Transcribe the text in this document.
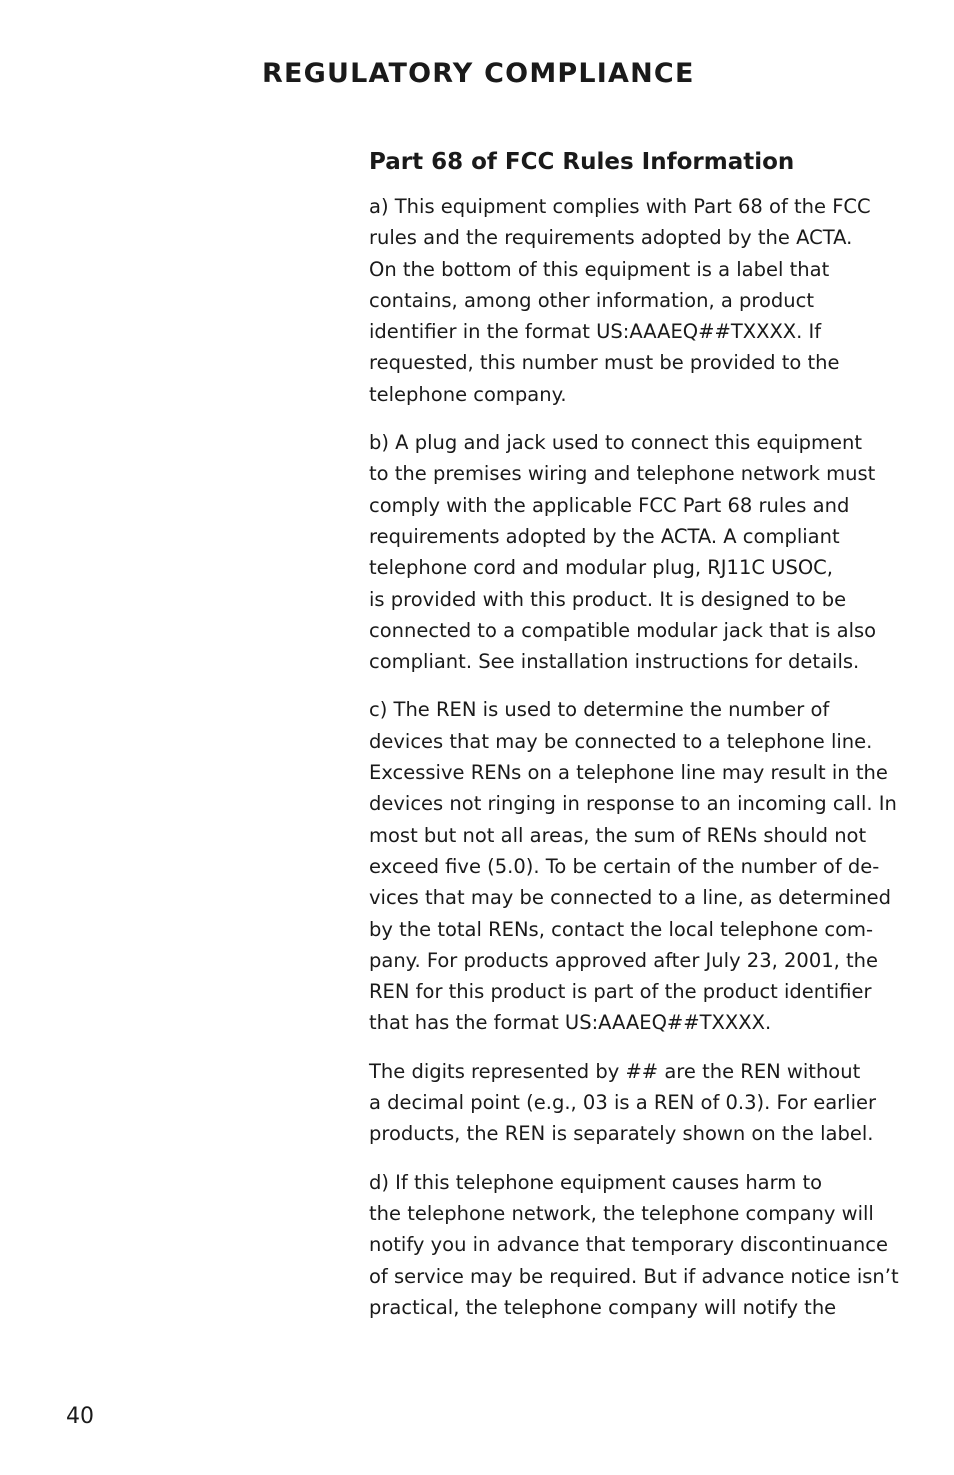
REGULATORY COMPLIANCE
Part 68 of FCC Rules Information
a) This equipment complies with Part 68 of the FCC
rules and the requirements adopted by the ACTA.
On the bottom of this equipment is a label that
contains, among other information, a product
identifier in the format US:AAAEQ##TXXXX. If
requested, this number must be provided to the
telephone company.
b) A plug and jack used to connect this equipment
to the premises wiring and telephone network must
comply with the applicable FCC Part 68 rules and
requirements adopted by the ACTA. A compliant
telephone cord and modular plug, RJ11C USOC,
is provided with this product. It is designed to be
connected to a compatible modular jack that is also
compliant. See installation instructions for details.
c) The REN is used to determine the number of
devices that may be connected to a telephone line.
Excessive RENs on a telephone line may result in the
devices not ringing in response to an incoming call. In
most but not all areas, the sum of RENs should not
exceed five (5.0). To be certain of the number of de-
vices that may be connected to a line, as determined
by the total RENs, contact the local telephone com-
pany. For products approved after July 23, 2001, the
REN for this product is part of the product identifier
that has the format US:AAAEQ##TXXXX.
The digits represented by ## are the REN without
a decimal point (e.g., 03 is a REN of 0.3). For earlier
products, the REN is separately shown on the label.
d) If this telephone equipment causes harm to
the telephone network, the telephone company will
notify you in advance that temporary discontinuance
of service may be required. But if advance notice isn’t
practical, the telephone company will notify the
40
